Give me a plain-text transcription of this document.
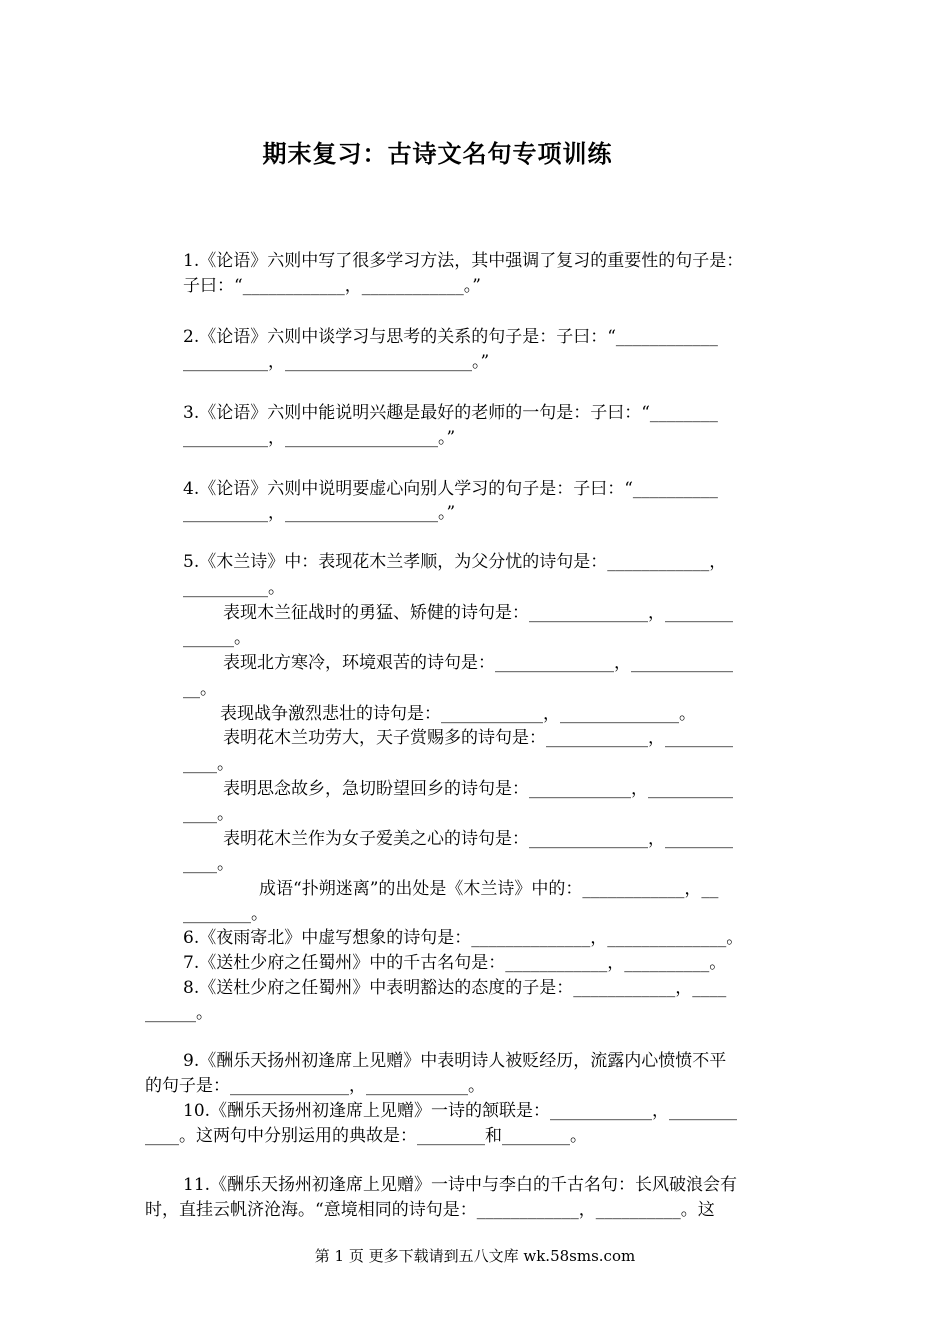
期末复习：古诗文名句专项训练
1.《论语》六则中写了很多学习方法，其中强调了复习的重要性的句子是：
子曰：“____________，____________。”
2.《论语》六则中谈学习与思考的关系的句子是：子曰：“____________
__________，______________________。”
3.《论语》六则中能说明兴趣是最好的老师的一句是：子曰：“________
__________，__________________。”
4.《论语》六则中说明要虚心向别人学习的句子是：子曰：“__________
__________，__________________。”
5.《木兰诗》中：表现花木兰孝顺，为父分忧的诗句是：____________，
__________。
表现木兰征战时的勇猛、矫健的诗句是：______________，________
______。
表现北方寒冷，环境艰苦的诗句是：______________，____________
__。
表现战争激烈悲壮的诗句是：____________，______________。
表明花木兰功劳大，天子赏赐多的诗句是：____________，________
____。
表明思念故乡，急切盼望回乡的诗句是：____________，__________
____。
表明花木兰作为女子爱美之心的诗句是：______________，________
____。
成语“扑朔迷离”的出处是《木兰诗》中的：____________，__
________。
6.《夜雨寄北》中虚写想象的诗句是：______________，______________。
7.《送杜少府之任蜀州》中的千古名句是：____________，__________。
8.《送杜少府之任蜀州》中表明豁达的态度的子是：____________，____
______。
9.《酬乐天扬州初逢席上见赠》中表明诗人被贬经历，流露内心愤愤不平
的句子是：______________，____________。
10.《酬乐天扬州初逢席上见赠》一诗的颔联是：____________，________
____。这两句中分别运用的典故是：________和________。
11.《酬乐天扬州初逢席上见赠》一诗中与李白的千古名句：长风破浪会有
时，直挂云帆济沧海。“意境相同的诗句是：____________，__________。这
第 1 页 更多下载请到五八文库 wk.58sms.com
